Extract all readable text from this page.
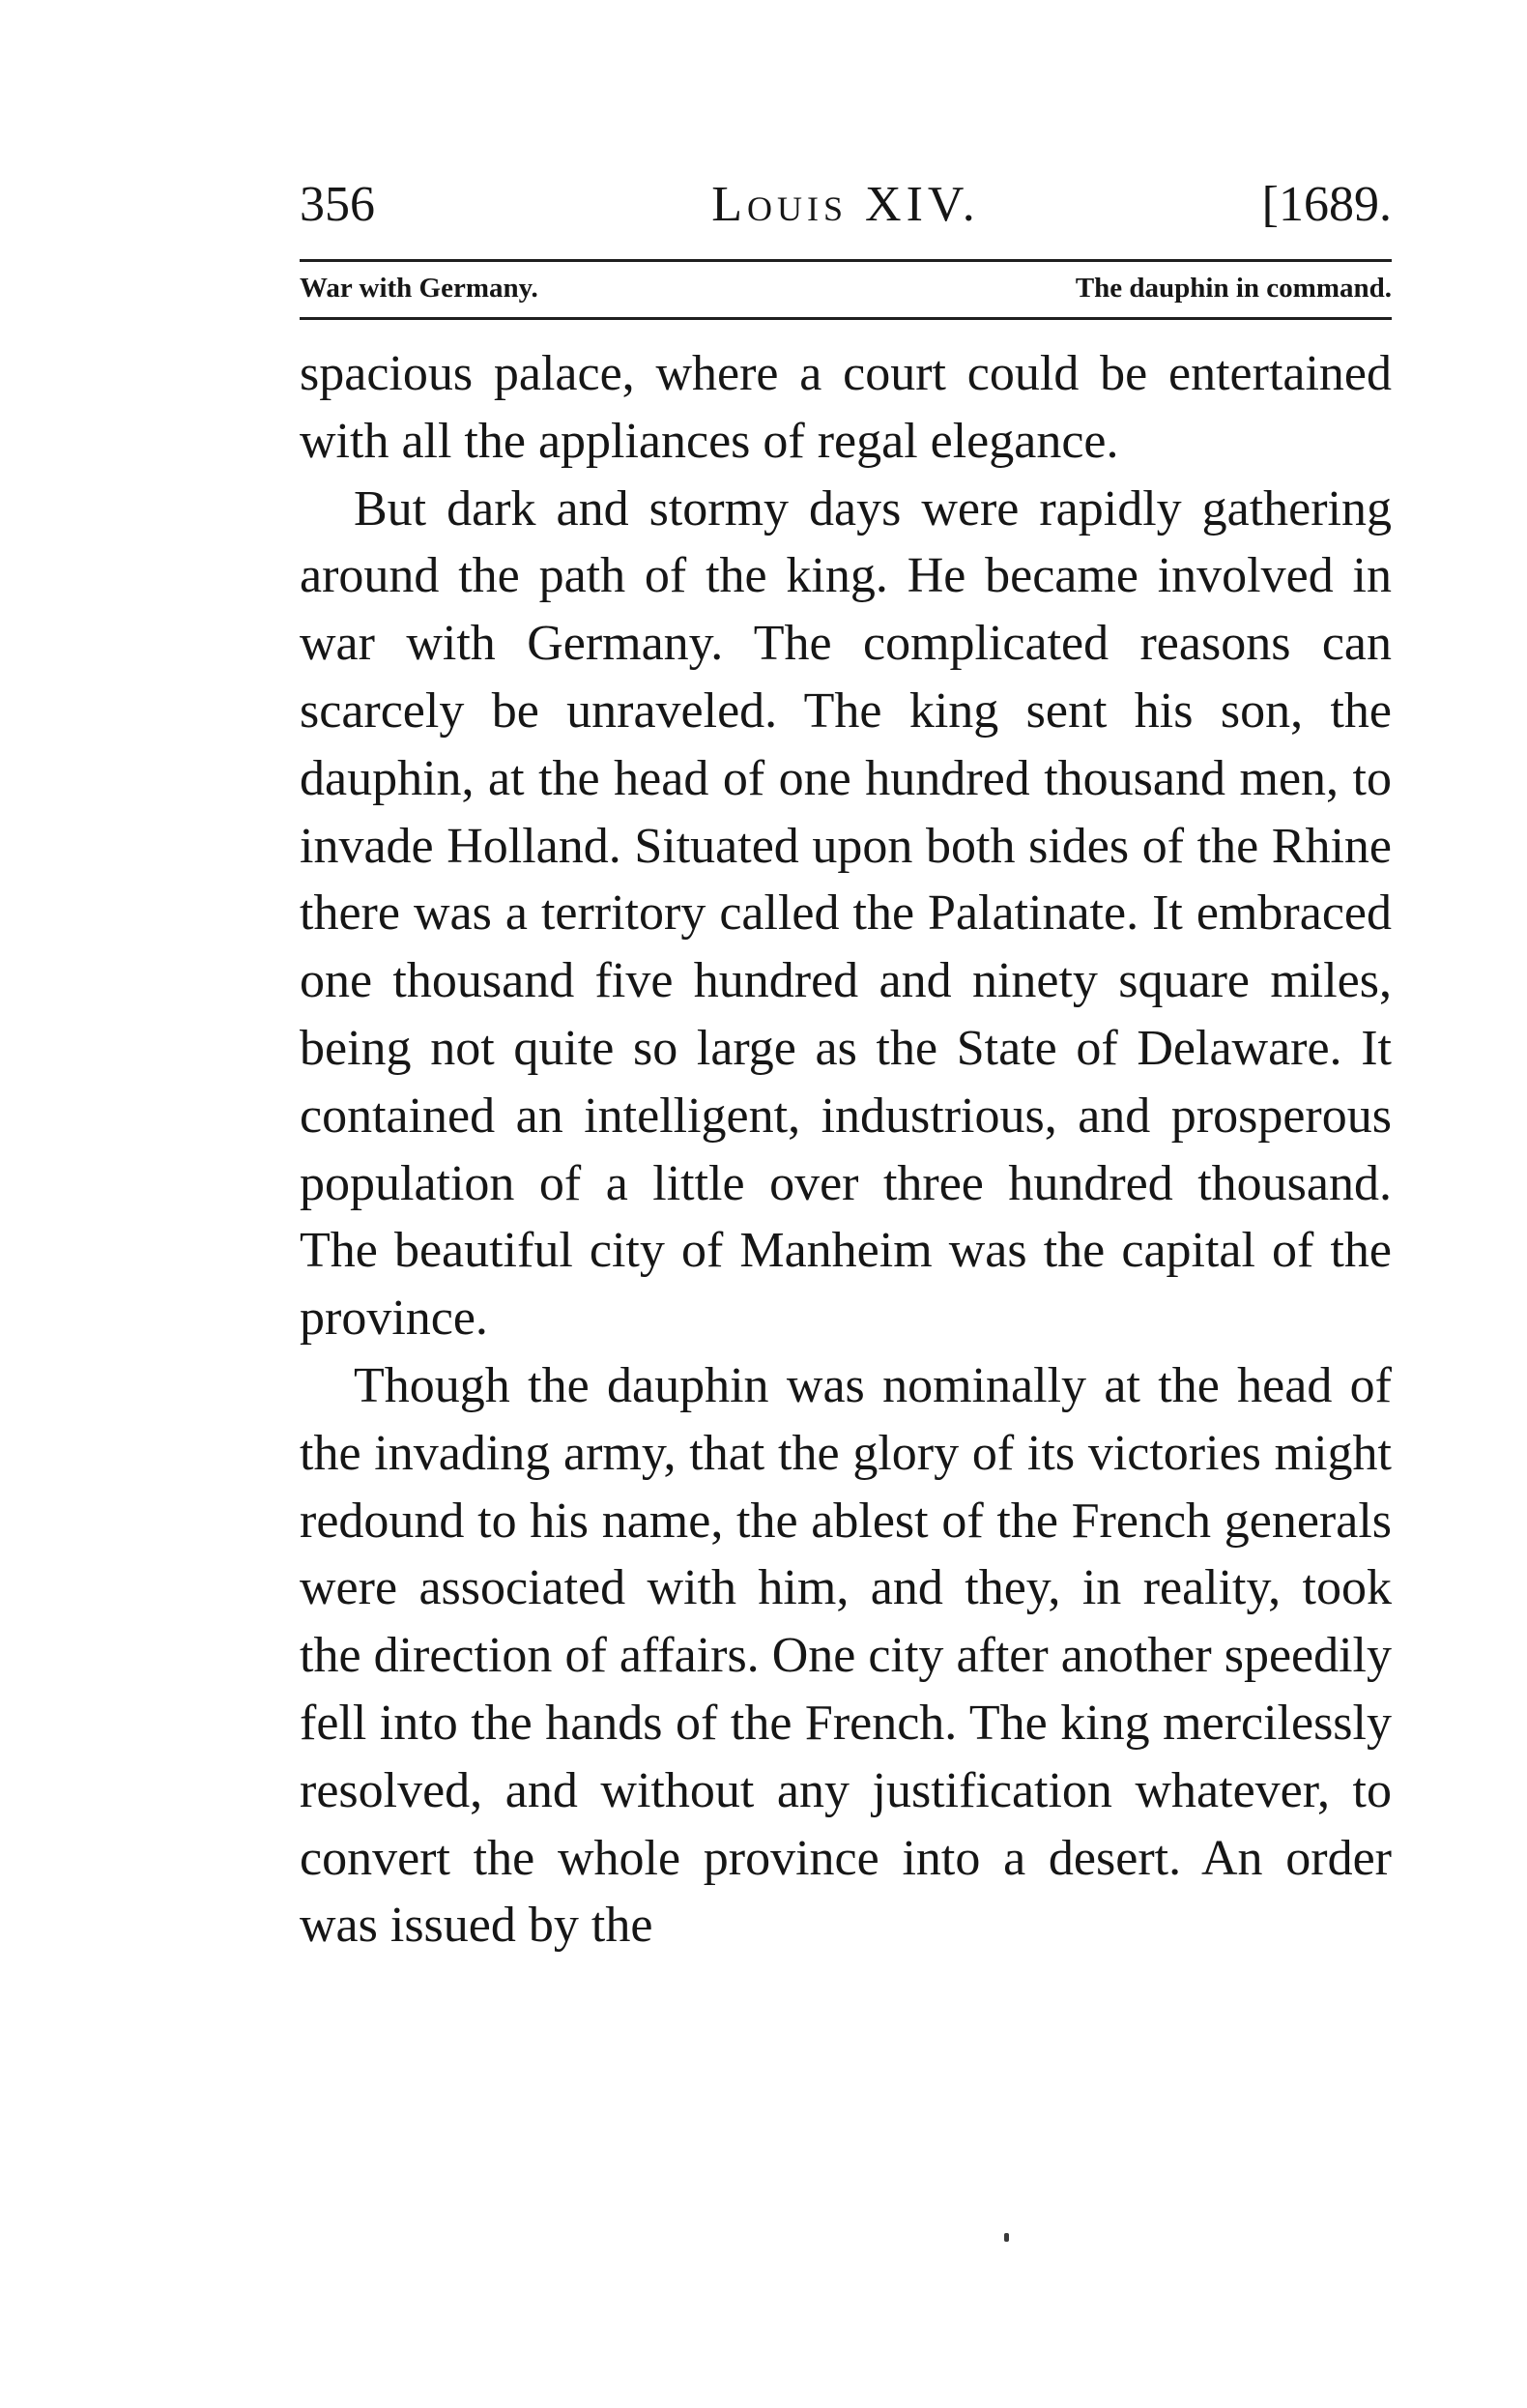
356	Louis XIV.	[1689.
War with Germany.	The dauphin in command.

spacious palace, where a court could be entertained with all the appliances of regal elegance.

But dark and stormy days were rapidly gathering around the path of the king. He became involved in war with Germany. The complicated reasons can scarcely be unraveled. The king sent his son, the dauphin, at the head of one hundred thousand men, to invade Holland. Situated upon both sides of the Rhine there was a territory called the Palatinate. It embraced one thousand five hundred and ninety square miles, being not quite so large as the State of Delaware. It contained an intelligent, industrious, and prosperous population of a little over three hundred thousand. The beautiful city of Manheim was the capital of the province.

Though the dauphin was nominally at the head of the invading army, that the glory of its victories might redound to his name, the ablest of the French generals were associated with him, and they, in reality, took the direction of affairs. One city after another speedily fell into the hands of the French. The king mercilessly resolved, and without any justification whatever, to convert the whole province into a desert. An order was issued by the
